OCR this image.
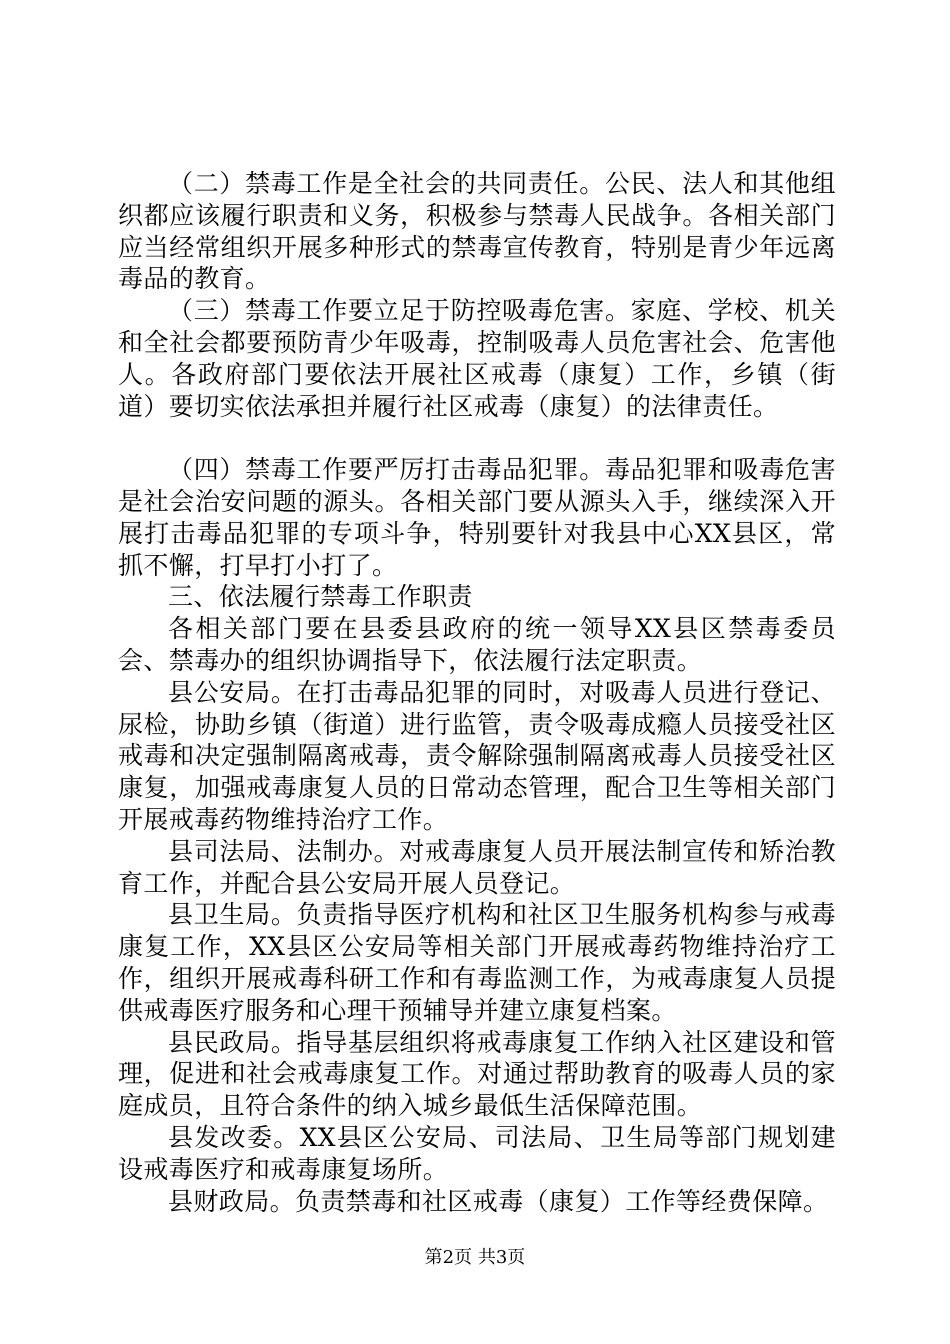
（二）禁毒工作是全社会的共同责任。公民、法人和其他组织都应该履行职责和义务，积极参与禁毒人民战争。各相关部门应当经常组织开展多种形式的禁毒宣传教育，特别是青少年远离毒品的教育。

（三）禁毒工作要立足于防控吸毒危害。家庭、学校、机关和全社会都要预防青少年吸毒，控制吸毒人员危害社会、危害他人。各政府部门要依法开展社区戒毒（康复）工作，乡镇（街道）要切实依法承担并履行社区戒毒（康复）的法律责任。

（四）禁毒工作要严厉打击毒品犯罪。毒品犯罪和吸毒危害是社会治安问题的源头。各相关部门要从源头入手，继续深入开展打击毒品犯罪的专项斗争，特别要针对我县中心XX县区，常抓不懈，打早打小打了。

三、依法履行禁毒工作职责

各相关部门要在县委县政府的统一领导XX县区禁毒委员会、禁毒办的组织协调指导下，依法履行法定职责。

县公安局。在打击毒品犯罪的同时，对吸毒人员进行登记、尿检，协助乡镇（街道）进行监管，责令吸毒成瘾人员接受社区戒毒和决定强制隔离戒毒，责令解除强制隔离戒毒人员接受社区康复，加强戒毒康复人员的日常动态管理，配合卫生等相关部门开展戒毒药物维持治疗工作。

县司法局、法制办。对戒毒康复人员开展法制宣传和矫治教育工作，并配合县公安局开展人员登记。

县卫生局。负责指导医疗机构和社区卫生服务机构参与戒毒康复工作，XX县区公安局等相关部门开展戒毒药物维持治疗工作，组织开展戒毒科研工作和有毒监测工作，为戒毒康复人员提供戒毒医疗服务和心理干预辅导并建立康复档案。

县民政局。指导基层组织将戒毒康复工作纳入社区建设和管理，促进和社会戒毒康复工作。对通过帮助教育的吸毒人员的家庭成员，且符合条件的纳入城乡最低生活保障范围。

县发改委。XX县区公安局、司法局、卫生局等部门规划建设戒毒医疗和戒毒康复场所。

县财政局。负责禁毒和社区戒毒（康复）工作等经费保障。

第2页 共3页
